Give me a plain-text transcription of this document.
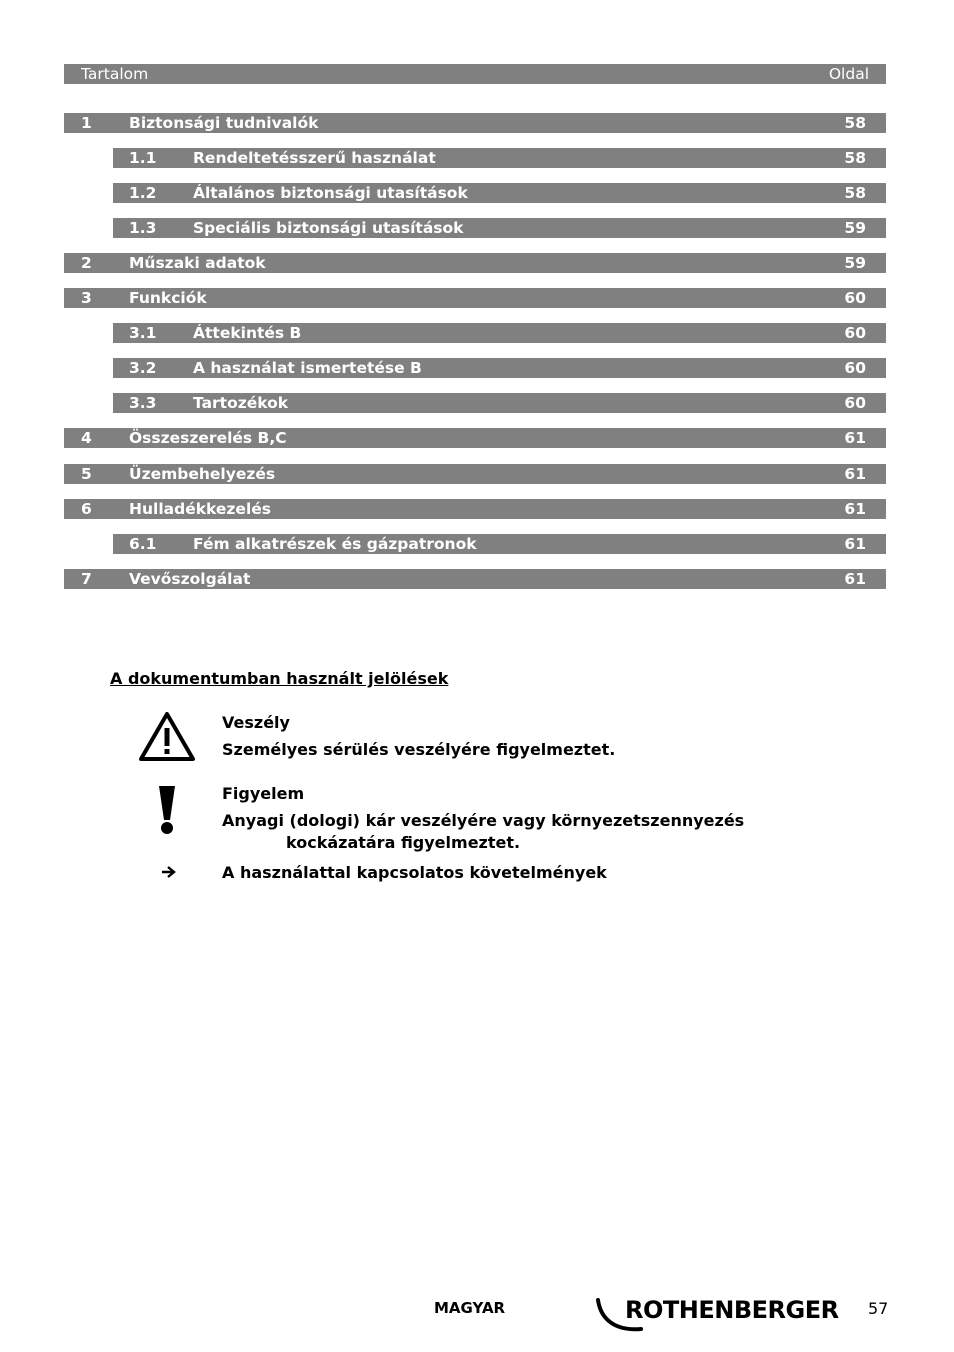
Tartalom	Oldal
1 Biztonsági tudnivalók	58
1.1 Rendeltetésszerű használat	58
1.2 Általános biztonsági utasítások	58
1.3 Speciális biztonsági utasítások	59
2 Műszaki adatok	59
3 Funkciók	60
3.1 Áttekintés B	60
3.2 A használat ismertetése B	60
3.3 Tartozékok	60
4 Összeszerelés B,C	61
5 Üzembehelyezés	61
6 Hulladékkezelés	61
6.1 Fém alkatrészek és gázpatronok	61
7 Vevőszolgálat	61
A dokumentumban használt jelölések
Veszély
Személyes sérülés veszélyére figyelmeztet.
Figyelem
Anyagi (dologi) kár veszélyére vagy környezetszennyezés
kockázatára figyelmeztet.
A használattal kapcsolatos követelmények
MAGYAR	ROTHENBERGER 57
